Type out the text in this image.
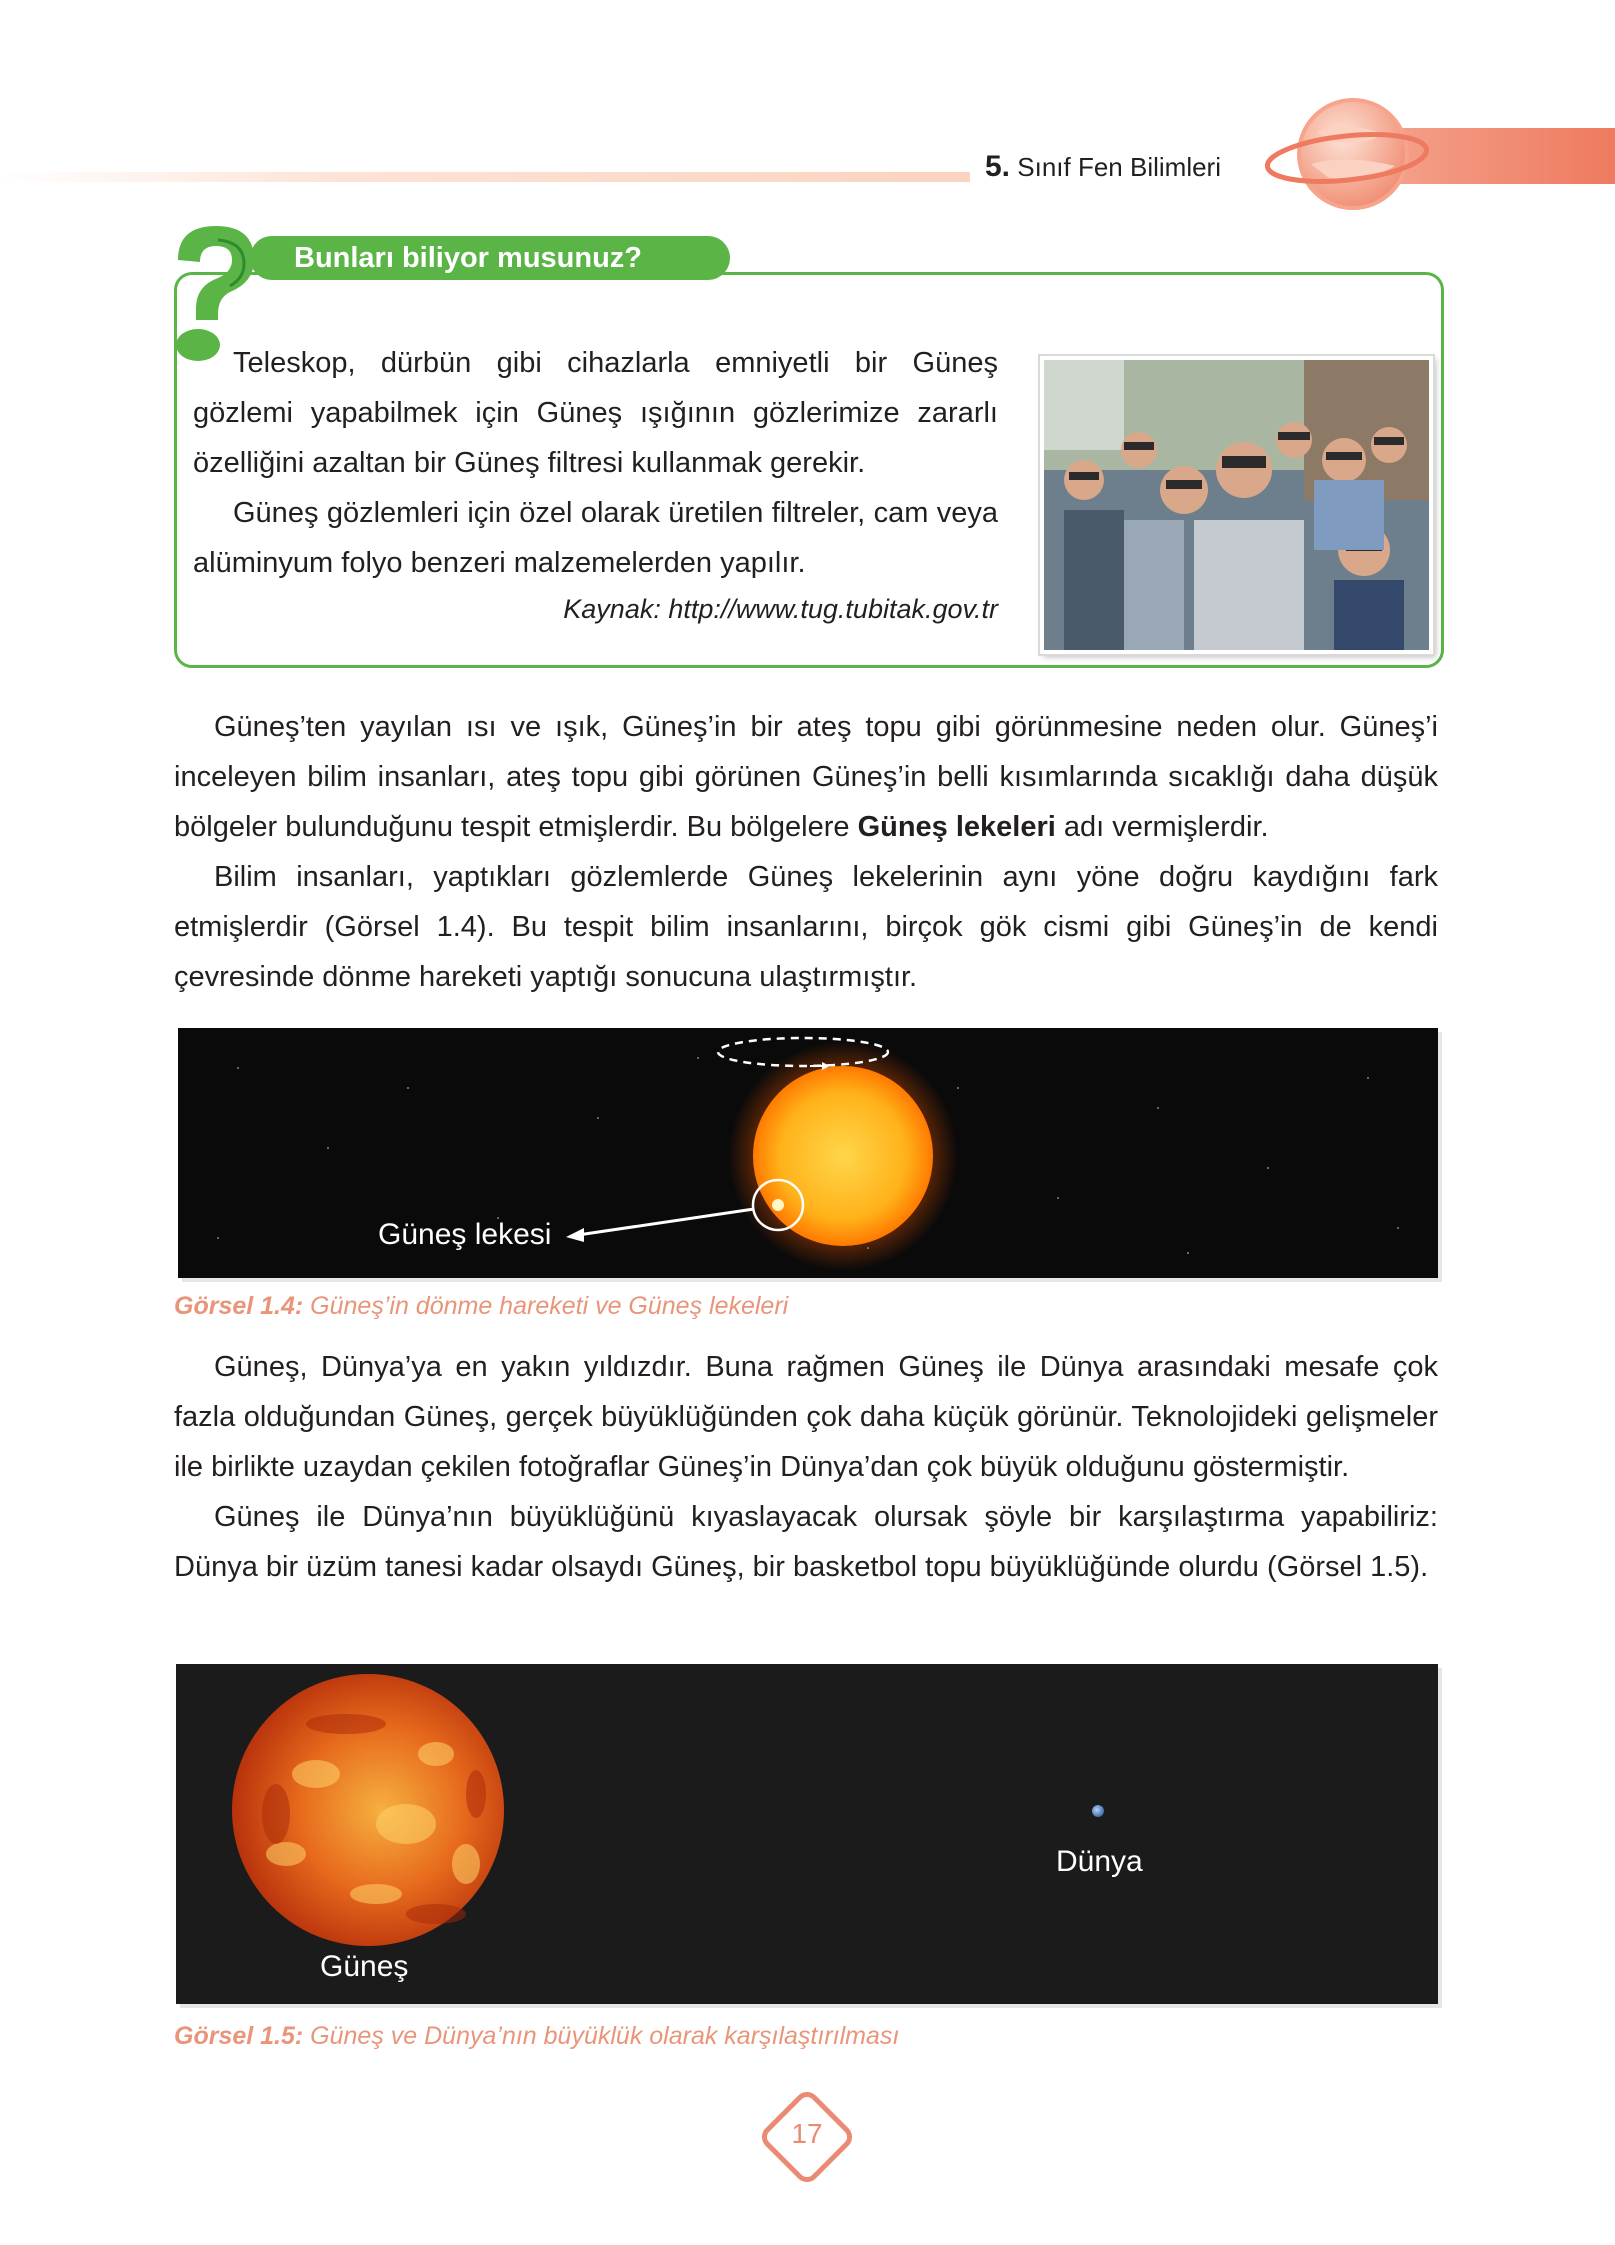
5. Sınıf Fen Bilimleri
Bunları biliyor musunuz?

Teleskop, dürbün gibi cihazlarla emniyetli bir Güneş gözlemi yapabilmek için Güneş ışığının gözlerimize zararlı özelliğini azaltan bir Güneş filtresi kullanmak gerekir.

Güneş gözlemleri için özel olarak üretilen filtreler, cam veya alüminyum folyo benzeri malzemelerden yapılır.

Kaynak: http://www.tug.tubitak.gov.tr

Güneş’ten yayılan ısı ve ışık, Güneş’in bir ateş topu gibi görünmesine neden olur. Güneş’i inceleyen bilim insanları, ateş topu gibi görünen Güneş’in belli kısımlarında sıcaklığı daha düşük bölgeler bulunduğunu tespit etmişlerdir. Bu bölgelere Güneş lekeleri adı vermişlerdir.

Bilim insanları, yaptıkları gözlemlerde Güneş lekelerinin aynı yöne doğru kaydığını fark etmişlerdir (Görsel 1.4). Bu tespit bilim insanlarını, birçok gök cismi gibi Güneş’in de kendi çevresinde dönme hareketi yaptığı sonucuna ulaştırmıştır.

Güneş lekesi
Görsel 1.4: Güneş’in dönme hareketi ve Güneş lekeleri

Güneş, Dünya’ya en yakın yıldızdır. Buna rağmen Güneş ile Dünya arasındaki mesafe çok fazla olduğundan Güneş, gerçek büyüklüğünden çok daha küçük görünür. Teknolojideki gelişmeler ile birlikte uzaydan çekilen fotoğraflar Güneş’in Dünya’dan çok büyük olduğunu göstermiştir.

Güneş ile Dünya’nın büyüklüğünü kıyaslayacak olursak şöyle bir karşılaştırma yapabiliriz: Dünya bir üzüm tanesi kadar olsaydı Güneş, bir basketbol topu büyüklüğünde olurdu (Görsel 1.5).

Güneş
Dünya
Görsel 1.5: Güneş ve Dünya’nın büyüklük olarak karşılaştırılması
17
